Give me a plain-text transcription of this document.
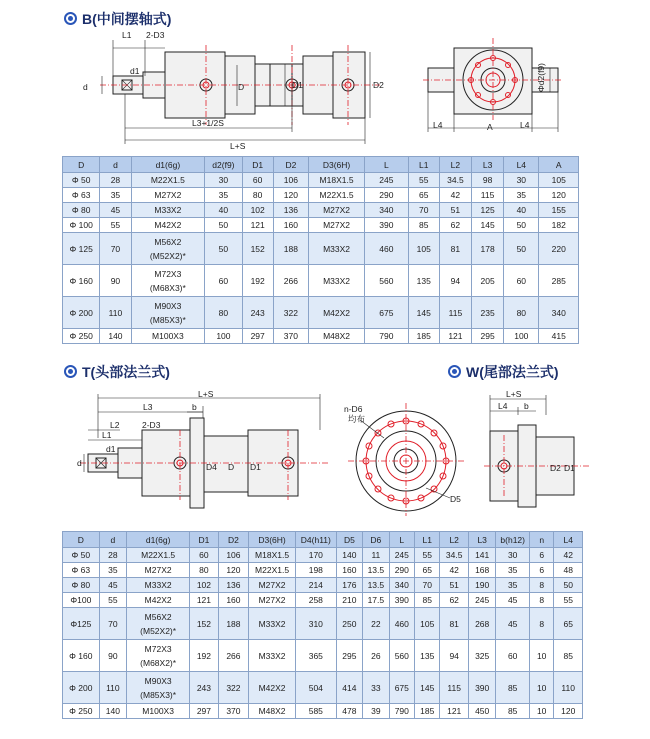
B(中间摆轴式)
L1 2-D3
d
d1
D	D1	D2
L3+1/2S
L+S
L4	A	L4
Φd2(f9)
D	d	d1(6g)	d2(f9)	D1	D2	D3(6H)	L	L1	L2	L3	L4	A
Φ 50	28	M22X1.5	30	60	106	M18X1.5	245	55	34.5	98	30	105
Φ 63	35	M27X2	35	80	120	M22X1.5	290	65	42	115	35	120
Φ 80	45	M33X2	40	102	136	M27X2	340	70	51	125	40	155
Φ 100	55	M42X2	50	121	160	M27X2	390	85	62	145	50	182
Φ 125	70	M56X2
(M52X2)*	50	152	188	M33X2	460	105	81	178	50	220
Φ 160	90	M72X3
(M68X3)*	60	192	266	M33X2	560	135	94	205	60	285
Φ 200	110	M90X3
(M85X3)*	80	243	322	M42X2	675	145	115	235	80	340
Φ 250	140	M100X3	100	297	370	M48X2	790	185	121	295	100	415
T(头部法兰式)	W(尾部法兰式)
L+S
L3	b
L2
L1
2-D3
d
d1
D4 D D1
n-D6
均布
D5
L+S
L4 b
D2 D1
D	d	d1(6g)	D1	D2	D3(6H)	D4(h11)	D5	D6	L	L1	L2	L3	b(h12)	n	L4
Φ 50	28	M22X1.5	60	106	M18X1.5	170	140	11	245	55	34.5	141	30	6	42
Φ 63	35	M27X2	80	120	M22X1.5	198	160	13.5	290	65	42	168	35	6	48
Φ 80	45	M33X2	102	136	M27X2	214	176	13.5	340	70	51	190	35	8	50
Φ100	55	M42X2	121	160	M27X2	258	210	17.5	390	85	62	245	45	8	55
Φ125	70	M56X2
(M52X2)*	152	188	M33X2	310	250	22	460	105	81	268	45	8	65
Φ 160	90	M72X3
(M68X2)*	192	266	M33X2	365	295	26	560	135	94	325	60	10	85
Φ 200	110	M90X3
(M85X3)*	243	322	M42X2	504	414	33	675	145	115	390	85	10	110
Φ 250	140	M100X3	297	370	M48X2	585	478	39	790	185	121	450	85	10	120
